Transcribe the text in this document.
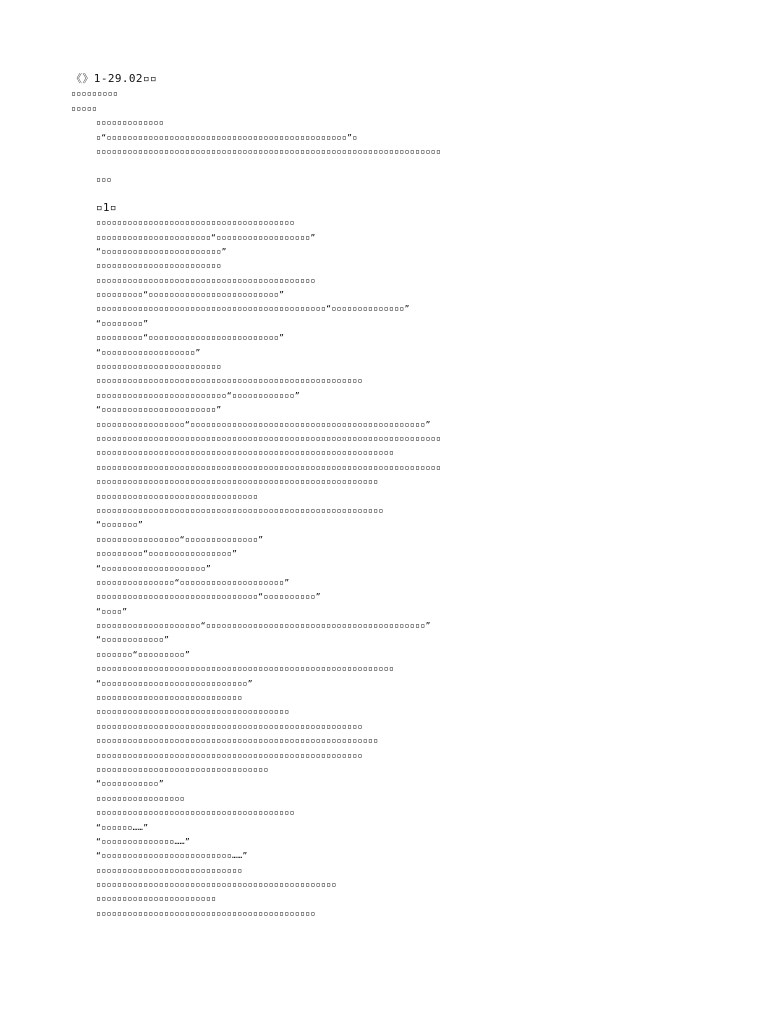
《》1-29.02▫▫
▫▫▫▫▫▫▫▫▫
▫▫▫▫▫
▫▫▫▫▫▫▫▫▫▫▫▫▫
▫“▫▫▫▫▫▫▫▫▫▫▫▫▫▫▫▫▫▫▫▫▫▫▫▫▫▫▫▫▫▫▫▫▫▫▫▫▫▫▫▫▫▫▫▫▫▫”▫
▫▫▫▫▫▫▫▫▫▫▫▫▫▫▫▫▫▫▫▫▫▫▫▫▫▫▫▫▫▫▫▫▫▫▫▫▫▫▫▫▫▫▫▫▫▫▫▫▫▫▫▫▫▫▫▫▫▫▫▫▫▫▫▫▫▫
▫▫▫
▫1▫
▫▫▫▫▫▫▫▫▫▫▫▫▫▫▫▫▫▫▫▫▫▫▫▫▫▫▫▫▫▫▫▫▫▫▫▫▫▫
▫▫▫▫▫▫▫▫▫▫▫▫▫▫▫▫▫▫▫▫▫▫“▫▫▫▫▫▫▫▫▫▫▫▫▫▫▫▫▫▫”
“▫▫▫▫▫▫▫▫▫▫▫▫▫▫▫▫▫▫▫▫▫▫▫”
▫▫▫▫▫▫▫▫▫▫▫▫▫▫▫▫▫▫▫▫▫▫▫▫
▫▫▫▫▫▫▫▫▫▫▫▫▫▫▫▫▫▫▫▫▫▫▫▫▫▫▫▫▫▫▫▫▫▫▫▫▫▫▫▫▫▫
▫▫▫▫▫▫▫▫▫“▫▫▫▫▫▫▫▫▫▫▫▫▫▫▫▫▫▫▫▫▫▫▫▫▫”
▫▫▫▫▫▫▫▫▫▫▫▫▫▫▫▫▫▫▫▫▫▫▫▫▫▫▫▫▫▫▫▫▫▫▫▫▫▫▫▫▫▫▫▫“▫▫▫▫▫▫▫▫▫▫▫▫▫▫”
“▫▫▫▫▫▫▫▫”
▫▫▫▫▫▫▫▫▫“▫▫▫▫▫▫▫▫▫▫▫▫▫▫▫▫▫▫▫▫▫▫▫▫▫”
“▫▫▫▫▫▫▫▫▫▫▫▫▫▫▫▫▫▫”
▫▫▫▫▫▫▫▫▫▫▫▫▫▫▫▫▫▫▫▫▫▫▫▫
▫▫▫▫▫▫▫▫▫▫▫▫▫▫▫▫▫▫▫▫▫▫▫▫▫▫▫▫▫▫▫▫▫▫▫▫▫▫▫▫▫▫▫▫▫▫▫▫▫▫▫
▫▫▫▫▫▫▫▫▫▫▫▫▫▫▫▫▫▫▫▫▫▫▫▫▫“▫▫▫▫▫▫▫▫▫▫▫▫”
“▫▫▫▫▫▫▫▫▫▫▫▫▫▫▫▫▫▫▫▫▫▫”
▫▫▫▫▫▫▫▫▫▫▫▫▫▫▫▫▫“▫▫▫▫▫▫▫▫▫▫▫▫▫▫▫▫▫▫▫▫▫▫▫▫▫▫▫▫▫▫▫▫▫▫▫▫▫▫▫▫▫▫▫▫▫”
▫▫▫▫▫▫▫▫▫▫▫▫▫▫▫▫▫▫▫▫▫▫▫▫▫▫▫▫▫▫▫▫▫▫▫▫▫▫▫▫▫▫▫▫▫▫▫▫▫▫▫▫▫▫▫▫▫▫▫▫▫▫▫▫▫▫
▫▫▫▫▫▫▫▫▫▫▫▫▫▫▫▫▫▫▫▫▫▫▫▫▫▫▫▫▫▫▫▫▫▫▫▫▫▫▫▫▫▫▫▫▫▫▫▫▫▫▫▫▫▫▫▫▫
▫▫▫▫▫▫▫▫▫▫▫▫▫▫▫▫▫▫▫▫▫▫▫▫▫▫▫▫▫▫▫▫▫▫▫▫▫▫▫▫▫▫▫▫▫▫▫▫▫▫▫▫▫▫▫▫▫▫▫▫▫▫▫▫▫▫
▫▫▫▫▫▫▫▫▫▫▫▫▫▫▫▫▫▫▫▫▫▫▫▫▫▫▫▫▫▫▫▫▫▫▫▫▫▫▫▫▫▫▫▫▫▫▫▫▫▫▫▫▫▫
▫▫▫▫▫▫▫▫▫▫▫▫▫▫▫▫▫▫▫▫▫▫▫▫▫▫▫▫▫▫▫
▫▫▫▫▫▫▫▫▫▫▫▫▫▫▫▫▫▫▫▫▫▫▫▫▫▫▫▫▫▫▫▫▫▫▫▫▫▫▫▫▫▫▫▫▫▫▫▫▫▫▫▫▫▫▫
“▫▫▫▫▫▫▫”
▫▫▫▫▫▫▫▫▫▫▫▫▫▫▫▫“▫▫▫▫▫▫▫▫▫▫▫▫▫▫”
▫▫▫▫▫▫▫▫▫“▫▫▫▫▫▫▫▫▫▫▫▫▫▫▫▫”
“▫▫▫▫▫▫▫▫▫▫▫▫▫▫▫▫▫▫▫▫”
▫▫▫▫▫▫▫▫▫▫▫▫▫▫▫“▫▫▫▫▫▫▫▫▫▫▫▫▫▫▫▫▫▫▫▫”
▫▫▫▫▫▫▫▫▫▫▫▫▫▫▫▫▫▫▫▫▫▫▫▫▫▫▫▫▫▫▫“▫▫▫▫▫▫▫▫▫▫”
“▫▫▫▫”
▫▫▫▫▫▫▫▫▫▫▫▫▫▫▫▫▫▫▫▫“▫▫▫▫▫▫▫▫▫▫▫▫▫▫▫▫▫▫▫▫▫▫▫▫▫▫▫▫▫▫▫▫▫▫▫▫▫▫▫▫▫▫”
“▫▫▫▫▫▫▫▫▫▫▫▫”
▫▫▫▫▫▫▫“▫▫▫▫▫▫▫▫▫”
▫▫▫▫▫▫▫▫▫▫▫▫▫▫▫▫▫▫▫▫▫▫▫▫▫▫▫▫▫▫▫▫▫▫▫▫▫▫▫▫▫▫▫▫▫▫▫▫▫▫▫▫▫▫▫▫▫
“▫▫▫▫▫▫▫▫▫▫▫▫▫▫▫▫▫▫▫▫▫▫▫▫▫▫▫▫”
▫▫▫▫▫▫▫▫▫▫▫▫▫▫▫▫▫▫▫▫▫▫▫▫▫▫▫▫
▫▫▫▫▫▫▫▫▫▫▫▫▫▫▫▫▫▫▫▫▫▫▫▫▫▫▫▫▫▫▫▫▫▫▫▫▫
▫▫▫▫▫▫▫▫▫▫▫▫▫▫▫▫▫▫▫▫▫▫▫▫▫▫▫▫▫▫▫▫▫▫▫▫▫▫▫▫▫▫▫▫▫▫▫▫▫▫▫
▫▫▫▫▫▫▫▫▫▫▫▫▫▫▫▫▫▫▫▫▫▫▫▫▫▫▫▫▫▫▫▫▫▫▫▫▫▫▫▫▫▫▫▫▫▫▫▫▫▫▫▫▫▫
▫▫▫▫▫▫▫▫▫▫▫▫▫▫▫▫▫▫▫▫▫▫▫▫▫▫▫▫▫▫▫▫▫▫▫▫▫▫▫▫▫▫▫▫▫▫▫▫▫▫▫
▫▫▫▫▫▫▫▫▫▫▫▫▫▫▫▫▫▫▫▫▫▫▫▫▫▫▫▫▫▫▫▫▫
“▫▫▫▫▫▫▫▫▫▫▫”
▫▫▫▫▫▫▫▫▫▫▫▫▫▫▫▫▫
▫▫▫▫▫▫▫▫▫▫▫▫▫▫▫▫▫▫▫▫▫▫▫▫▫▫▫▫▫▫▫▫▫▫▫▫▫▫
“▫▫▫▫▫▫……”
“▫▫▫▫▫▫▫▫▫▫▫▫▫▫……”
“▫▫▫▫▫▫▫▫▫▫▫▫▫▫▫▫▫▫▫▫▫▫▫▫▫……”
▫▫▫▫▫▫▫▫▫▫▫▫▫▫▫▫▫▫▫▫▫▫▫▫▫▫▫▫
▫▫▫▫▫▫▫▫▫▫▫▫▫▫▫▫▫▫▫▫▫▫▫▫▫▫▫▫▫▫▫▫▫▫▫▫▫▫▫▫▫▫▫▫▫▫
▫▫▫▫▫▫▫▫▫▫▫▫▫▫▫▫▫▫▫▫▫▫▫
▫▫▫▫▫▫▫▫▫▫▫▫▫▫▫▫▫▫▫▫▫▫▫▫▫▫▫▫▫▫▫▫▫▫▫▫▫▫▫▫▫▫
